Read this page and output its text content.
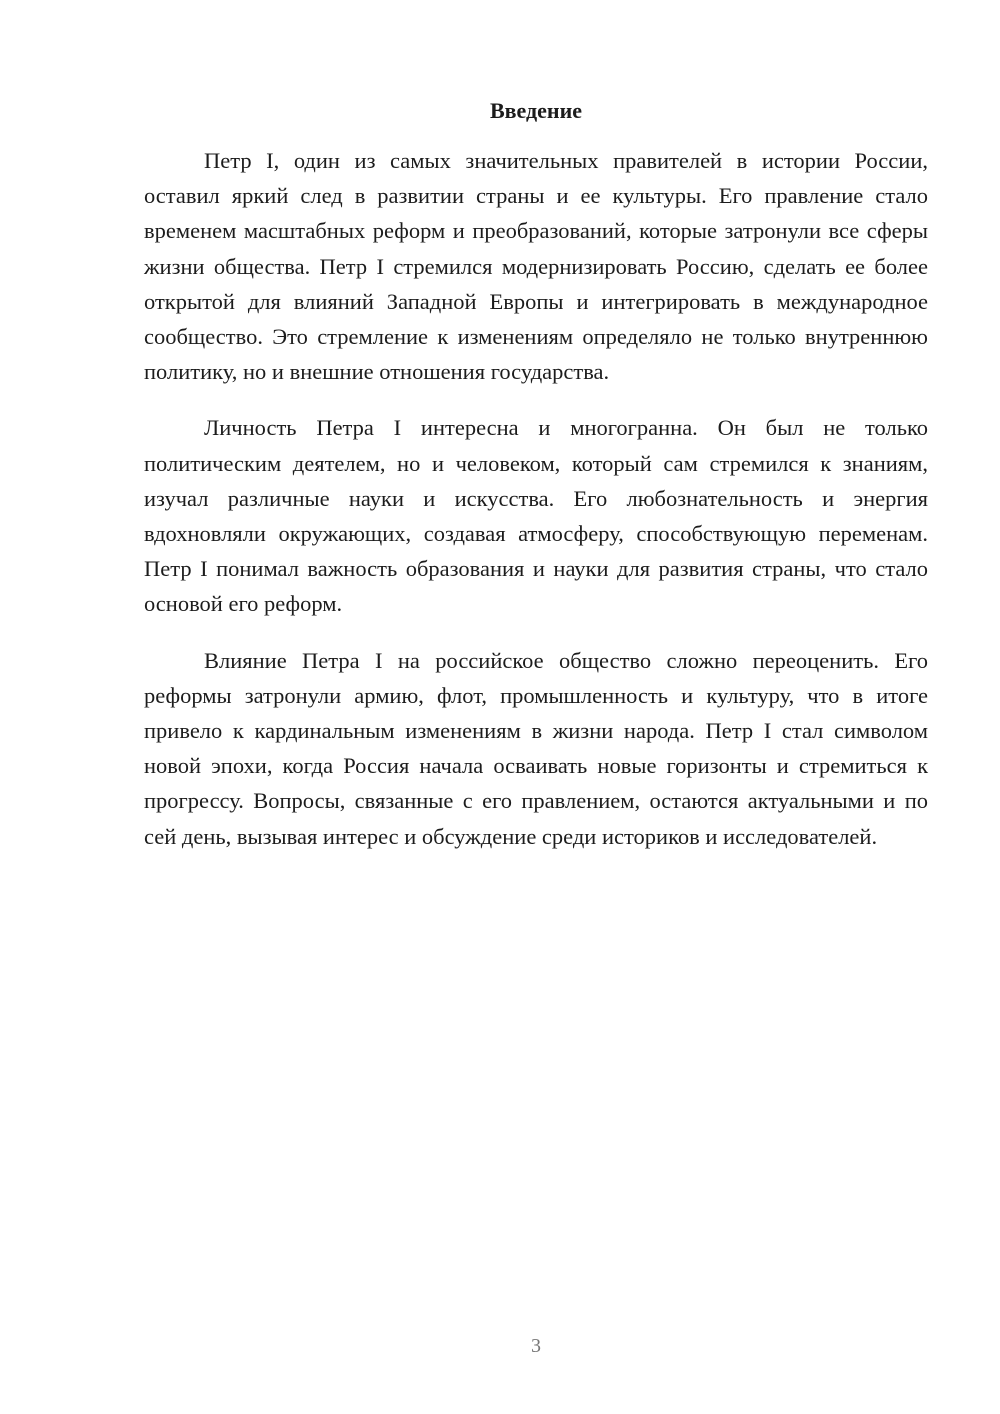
Введение

Петр I, один из самых значительных правителей в истории России, оставил яркий след в развитии страны и ее культуры. Его правление стало временем масштабных реформ и преобразований, которые затронули все сферы жизни общества. Петр I стремился модернизировать Россию, сделать ее более открытой для влияний Западной Европы и интегрировать в международное сообщество. Это стремление к изменениям определяло не только внутреннюю политику, но и внешние отношения государства.

Личность Петра I интересна и многогранна. Он был не только политическим деятелем, но и человеком, который сам стремился к знаниям, изучал различные науки и искусства. Его любознательность и энергия вдохновляли окружающих, создавая атмосферу, способствующую переменам. Петр I понимал важность образования и науки для развития страны, что стало основой его реформ.

Влияние Петра I на российское общество сложно переоценить. Его реформы затронули армию, флот, промышленность и культуру, что в итоге привело к кардинальным изменениям в жизни народа. Петр I стал символом новой эпохи, когда Россия начала осваивать новые горизонты и стремиться к прогрессу. Вопросы, связанные с его правлением, остаются актуальными и по сей день, вызывая интерес и обсуждение среди историков и исследователей.

3
